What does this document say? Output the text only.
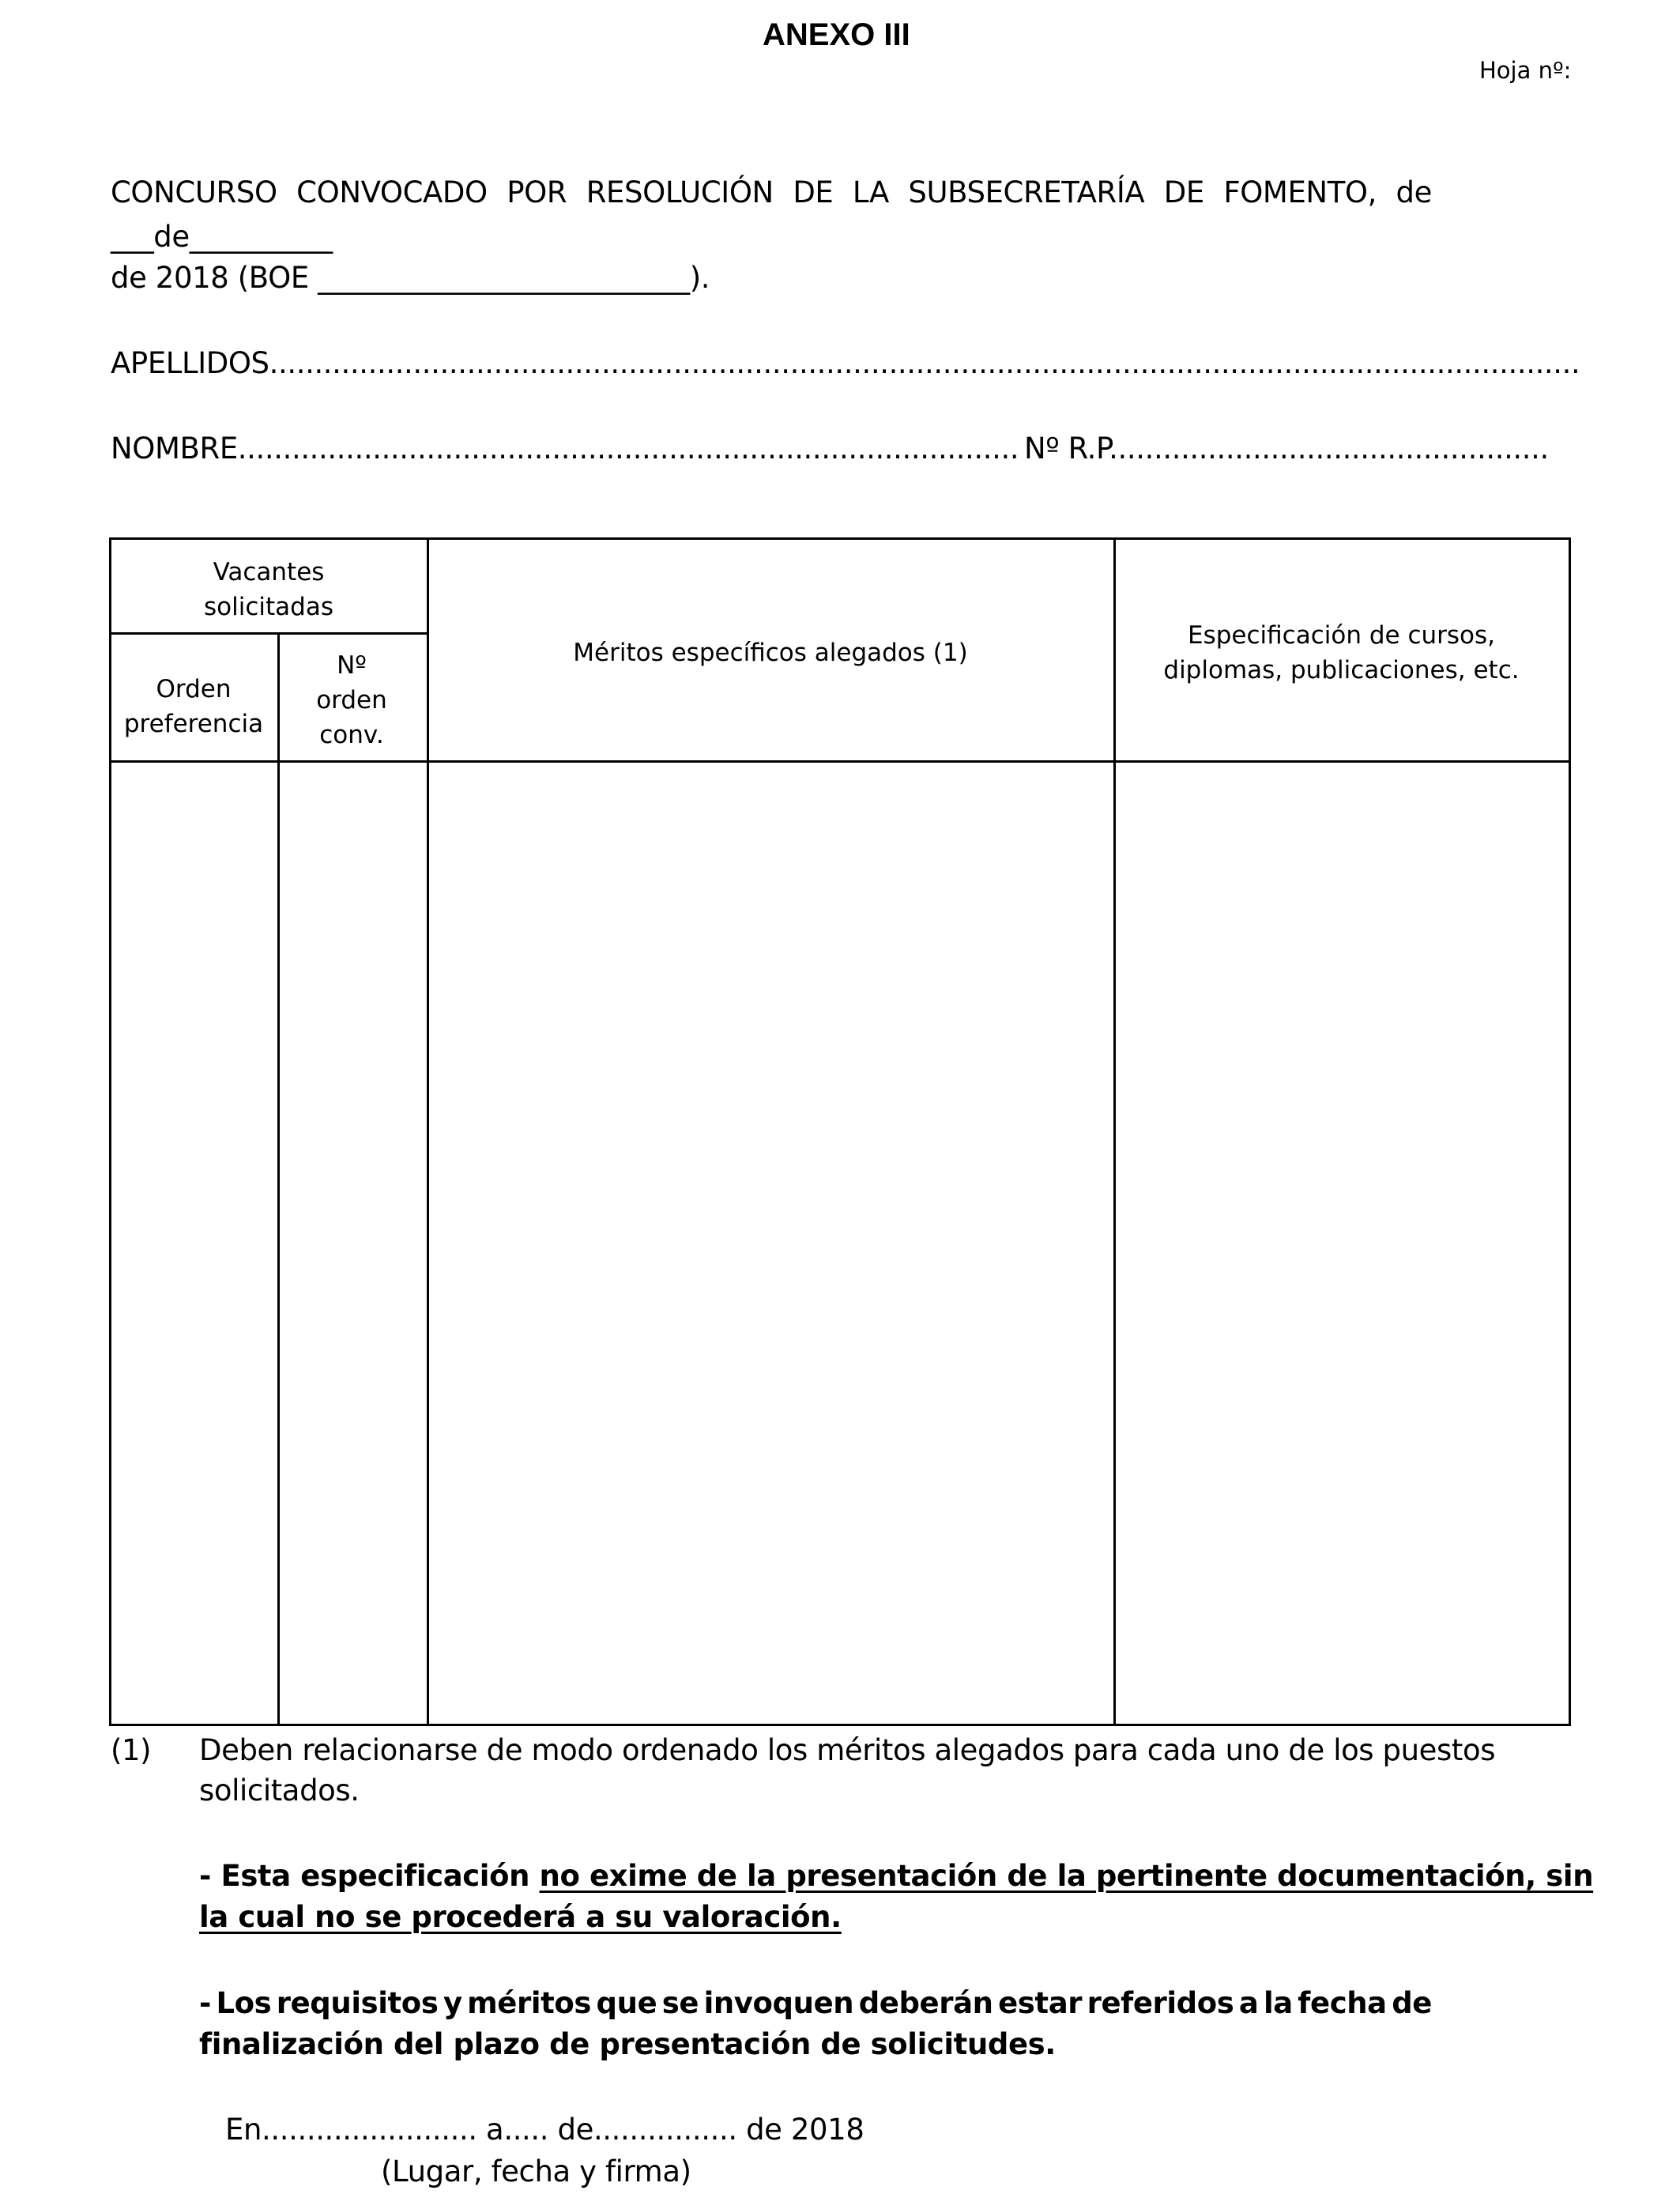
ANEXO III
Hoja nº:
CONCURSO CONVOCADO POR RESOLUCIÓN DE LA SUBSECRETARÍA DE FOMENTO, de
___de__________
de 2018 (BOE __________________________).
APELLIDOS..................................................................................................................................................
NOMBRE....................................................................................... Nº R.P.................................................
Vacantes solicitadas
Orden preferencia
Nº orden conv.
Méritos específicos alegados (1)
Especificación de cursos, diplomas, publicaciones, etc.
(1) Deben relacionarse de modo ordenado los méritos alegados para cada uno de los puestos
solicitados.
- Esta especificación no exime de la presentación de la pertinente documentación, sin
la cual no se procederá a su valoración.
- Los requisitos y méritos que se invoquen deberán estar referidos a la fecha de
finalización del plazo de presentación de solicitudes.
En........................ a..... de................ de 2018
(Lugar, fecha y firma)
